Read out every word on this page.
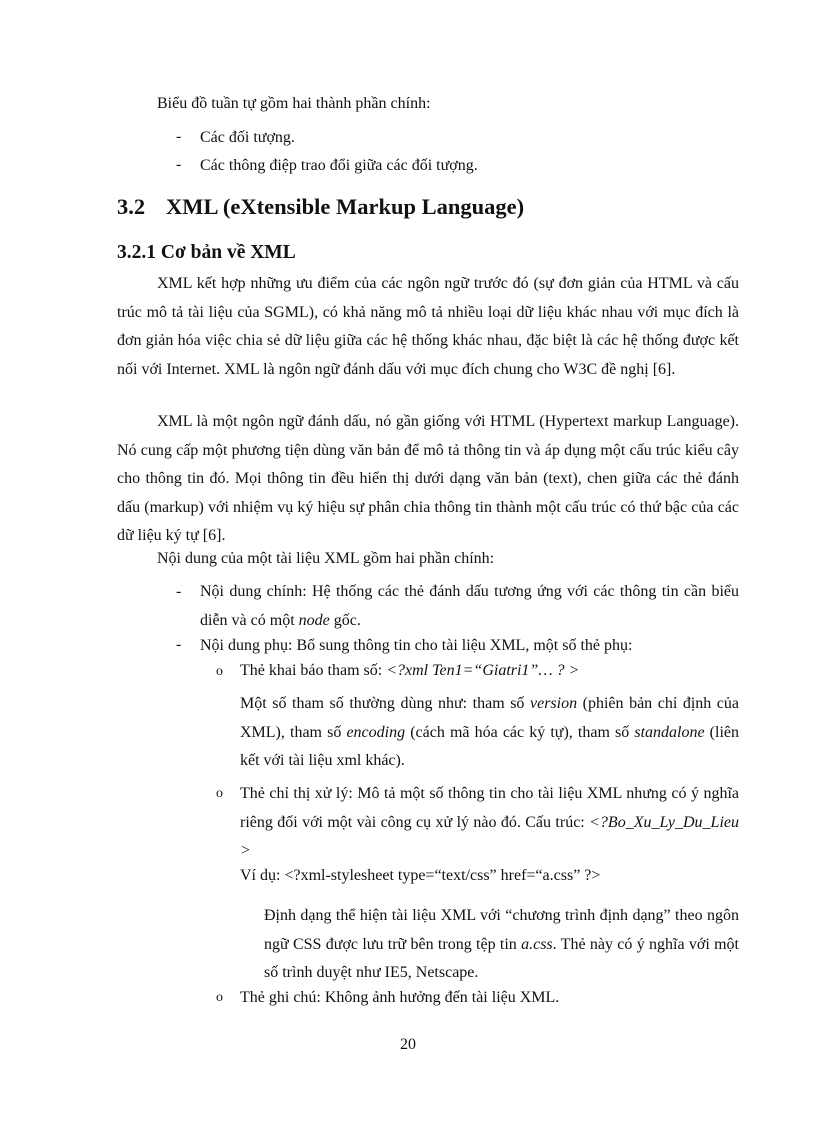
Biểu đồ tuần tự gồm hai thành phần chính:

- Các đối tượng.

- Các thông điệp trao đổi giữa các đối tượng.

3.2 XML (eXtensible Markup Language)
3.2.1 Cơ bản về XML

XML kết hợp những ưu điểm của các ngôn ngữ trước đó (sự đơn giản của HTML và cấu trúc mô tả tài liệu của SGML), có khả năng mô tả nhiều loại dữ liệu khác nhau với mục đích là đơn giản hóa việc chia sẻ dữ liệu giữa các hệ thống khác nhau, đặc biệt là các hệ thống được kết nối với Internet. XML là ngôn ngữ đánh dấu với mục đích chung cho W3C đề nghị [6].

XML là một ngôn ngữ đánh dấu, nó gần giống với HTML (Hypertext markup Language). Nó cung cấp một phương tiện dùng văn bản để mô tả thông tin và áp dụng một cấu trúc kiểu cây cho thông tin đó. Mọi thông tin đều hiển thị dưới dạng văn bản (text), chen giữa các thẻ đánh dấu (markup) với nhiệm vụ ký hiệu sự phân chia thông tin thành một cấu trúc có thứ bậc của các dữ liệu ký tự [6].

Nội dung của một tài liệu XML gồm hai phần chính:

- Nội dung chính: Hệ thống các thẻ đánh dấu tương ứng với các thông tin cần biểu diễn và có một node gốc.

- Nội dung phụ: Bổ sung thông tin cho tài liệu XML, một số thẻ phụ:

o Thẻ khai báo tham số: <?xml Ten1=“Giatri1”… ? >

Một số tham số thường dùng như: tham số version (phiên bản chỉ định của XML), tham số encoding (cách mã hóa các ký tự), tham số standalone (liên kết với tài liệu xml khác).

o Thẻ chỉ thị xử lý: Mô tả một số thông tin cho tài liệu XML nhưng có ý nghĩa riêng đối với một vài công cụ xử lý nào đó. Cấu trúc: <?Bo_Xu_Ly_Du_Lieu >

Ví dụ: <?xml-stylesheet type=“text/css” href=“a.css” ?>

Định dạng thể hiện tài liệu XML với “chương trình định dạng” theo ngôn ngữ CSS được lưu trữ bên trong tệp tin a.css. Thẻ này có ý nghĩa với một số trình duyệt như IE5, Netscape.

o Thẻ ghi chú: Không ảnh hưởng đến tài liệu XML.

20
